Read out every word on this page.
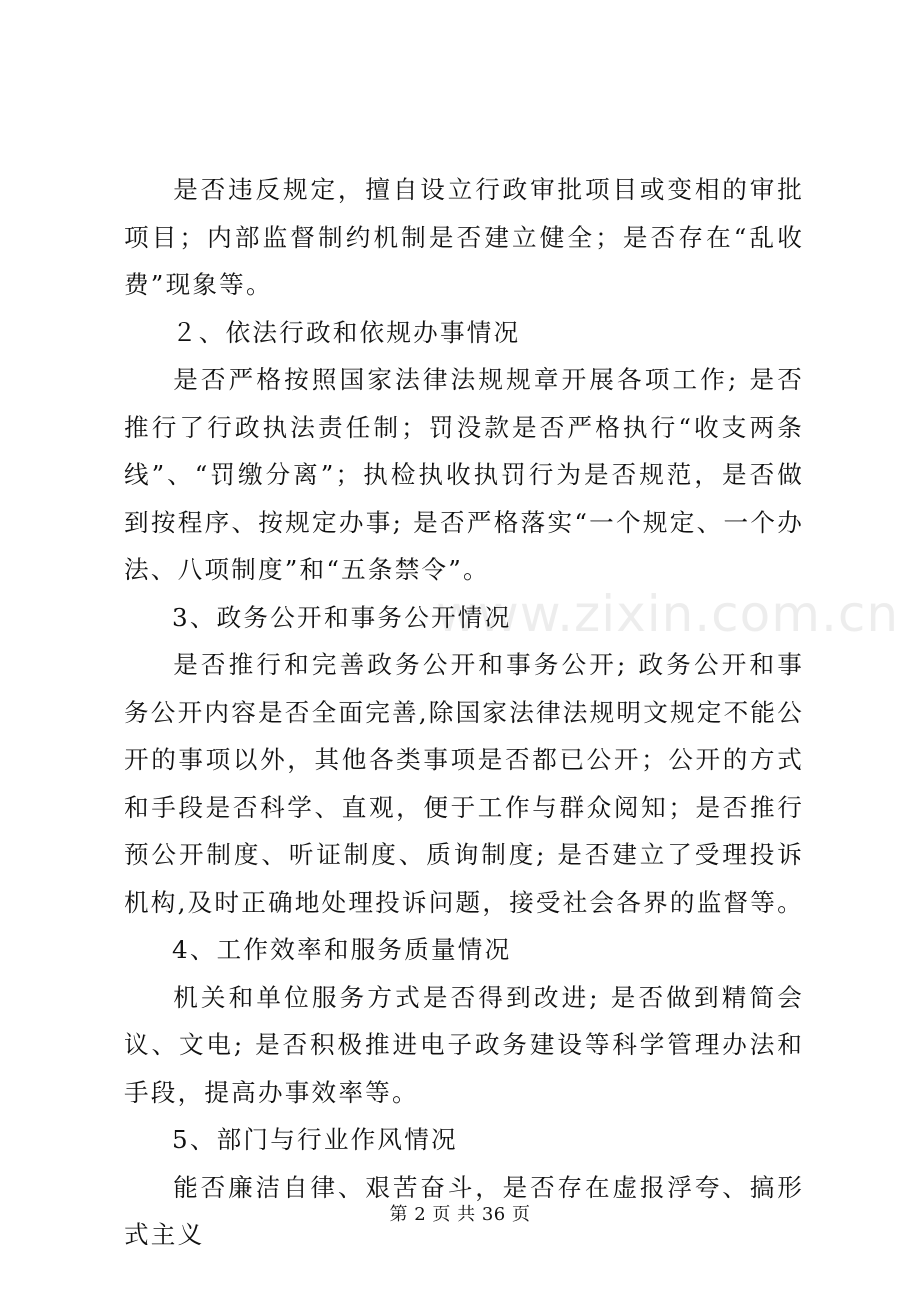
是否违反规定，擅自设立行政审批项目或变相的审批项目；内部监督制约机制是否建立健全；是否存在“乱收费”现象等。

２、依法行政和依规办事情况

是否严格按照国家法律法规规章开展各项工作; 是否推行了行政执法责任制；罚没款是否严格执行“收支两条线”、“罚缴分离”；执检执收执罚行为是否规范，是否做到按程序、按规定办事; 是否严格落实“一个规定、一个办法、八项制度”和“五条禁令”。

3、政务公开和事务公开情况

是否推行和完善政务公开和事务公开; 政务公开和事务公开内容是否全面完善,除国家法律法规明文规定不能公开的事项以外，其他各类事项是否都已公开；公开的方式和手段是否科学、直观，便于工作与群众阅知；是否推行预公开制度、听证制度、质询制度; 是否建立了受理投诉机构,及时正确地处理投诉问题，接受社会各界的监督等。

4、工作效率和服务质量情况

机关和单位服务方式是否得到改进; 是否做到精简会议、文电; 是否积极推进电子政务建设等科学管理办法和手段，提高办事效率等。

5、部门与行业作风情况

能否廉洁自律、艰苦奋斗，是否存在虚报浮夸、搞形式主义

www.zixin.com.cn
第 2 页 共 36 页
